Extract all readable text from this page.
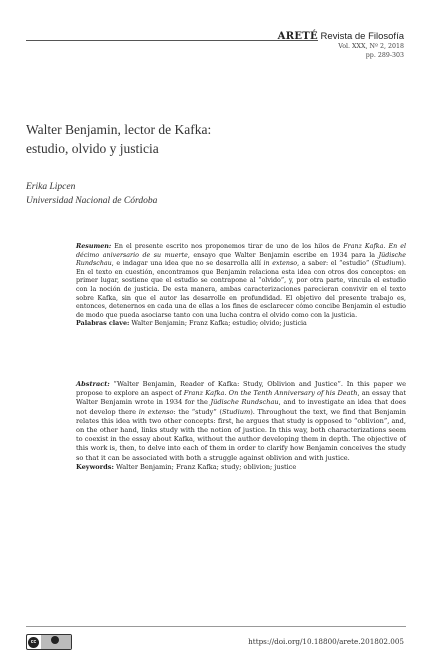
ARETÉ Revista de Filosofía
Vol. XXX, Nº 2, 2018
pp. 289-303
Walter Benjamin, lector de Kafka:
estudio, olvido y justicia
Erika Lipcen
Universidad Nacional de Córdoba
Resumen: En el presente escrito nos proponemos tirar de uno de los hilos de Franz Kafka. En el décimo aniversario de su muerte, ensayo que Walter Benjamin escribe en 1934 para la Jüdische Rundschau, e indagar una idea que no se desarrolla allí in extenso, a saber: el “estudio” (Studium). En el texto en cuestión, encontramos que Benjamin relaciona esta idea con otros dos conceptos: en primer lugar, sostiene que el estudio se contrapone al “olvido”, y, por otra parte, vincula el estudio con la noción de justicia. De esta manera, ambas caracterizaciones parecieran convivir en el texto sobre Kafka, sin que el autor las desarrolle en profundidad. El objetivo del presente trabajo es, entonces, detenernos en cada una de ellas a los fines de esclarecer cómo concibe Benjamin el estudio de modo que pueda asociarse tanto con una lucha contra el olvido como con la justicia.
Palabras clave: Walter Benjamin; Franz Kafka; estudio; olvido; justicia
Abstract: “Walter Benjamin, Reader of Kafka: Study, Oblivion and Justice”. In this paper we propose to explore an aspect of Franz Kafka. On the Tenth Anniversary of his Death, an essay that Walter Benjamin wrote in 1934 for the Jüdische Rundschau, and to investigate an idea that does not develop there in extenso: the “study” (Studium). Throughout the text, we find that Benjamin relates this idea with two other concepts: first, he argues that study is opposed to “oblivion”, and, on the other hand, links study with the notion of justice. In this way, both characterizations seem to coexist in the essay about Kafka, without the author developing them in depth. The objective of this work is, then, to delve into each of them in order to clarify how Benjamin conceives the study so that it can be associated with both a struggle against oblivion and with justice.
Keywords: Walter Benjamin; Franz Kafka; study; oblivion; justice
cc	https://doi.org/10.18800/arete.201802.005
